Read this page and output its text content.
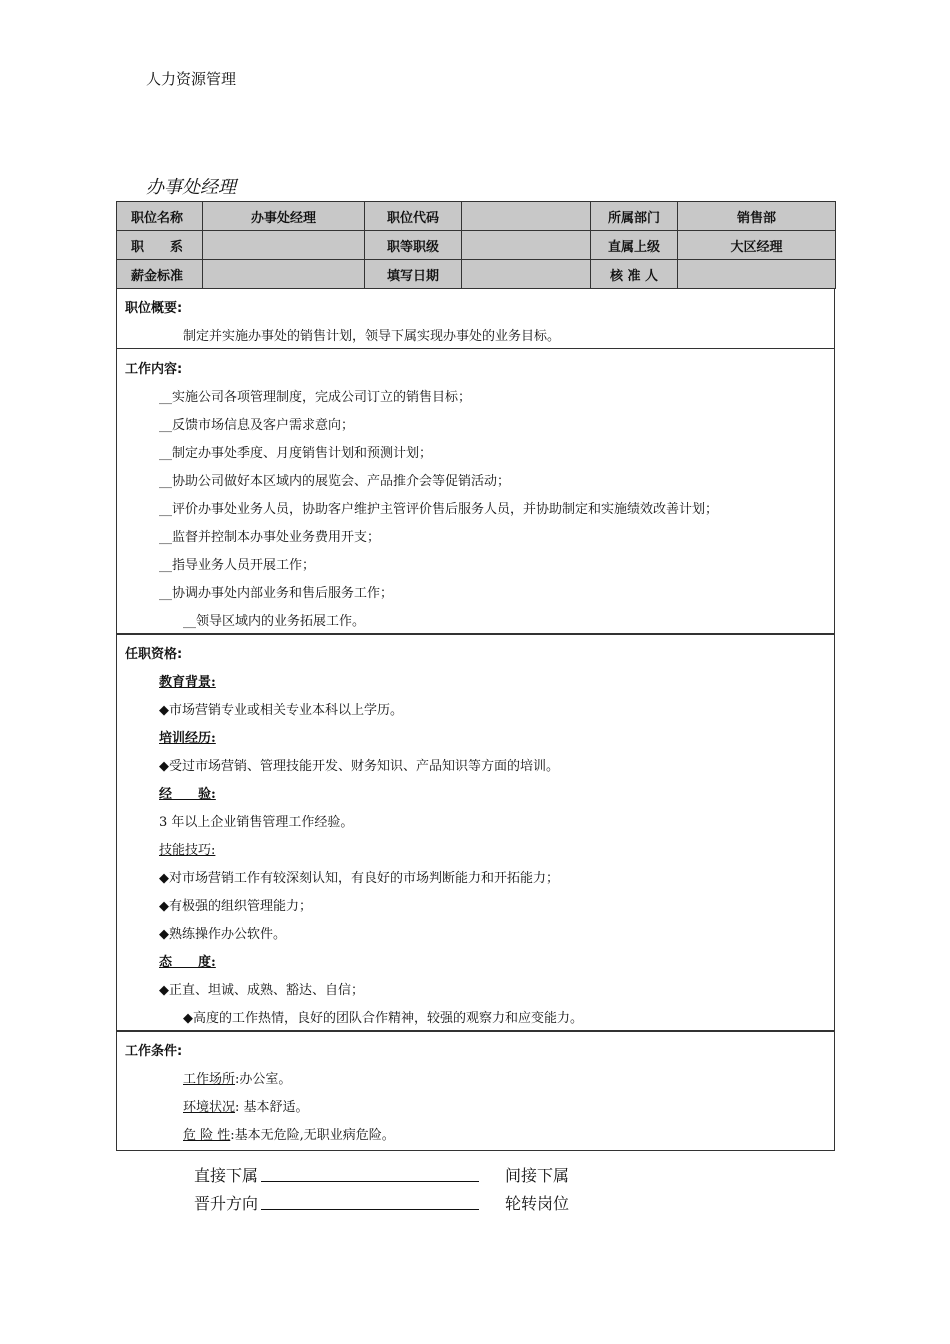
人力资源管理
办事处经理
职位名称	办事处经理	职位代码		所属部门	销售部
职　　系		职等职级		直属上级	大区经理
薪金标准		填写日期		核 准 人	
职位概要:
制定并实施办事处的销售计划，领导下属实现办事处的业务目标。
工作内容:
__实施公司各项管理制度，完成公司订立的销售目标；
__反馈市场信息及客户需求意向；
__制定办事处季度、月度销售计划和预测计划；
__协助公司做好本区域内的展览会、产品推介会等促销活动；
__评价办事处业务人员，协助客户维护主管评价售后服务人员，并协助制定和实施绩效改善计划；
__监督并控制本办事处业务费用开支；
__指导业务人员开展工作；
__协调办事处内部业务和售后服务工作；
__领导区域内的业务拓展工作。
任职资格:
教育背景:
◆市场营销专业或相关专业本科以上学历。
培训经历:
◆受过市场营销、管理技能开发、财务知识、产品知识等方面的培训。
经　　验:
3 年以上企业销售管理工作经验。
技能技巧:
◆对市场营销工作有较深刻认知，有良好的市场判断能力和开拓能力；
◆有极强的组织管理能力；
◆熟练操作办公软件。
态　　度:
◆正直、坦诚、成熟、豁达、自信；
◆高度的工作热情，良好的团队合作精神，较强的观察力和应变能力。
工作条件:
工作场所:办公室。
环境状况: 基本舒适。
危 险 性:基本无危险,无职业病危险。
直接下属	间接下属
晋升方向	轮转岗位
